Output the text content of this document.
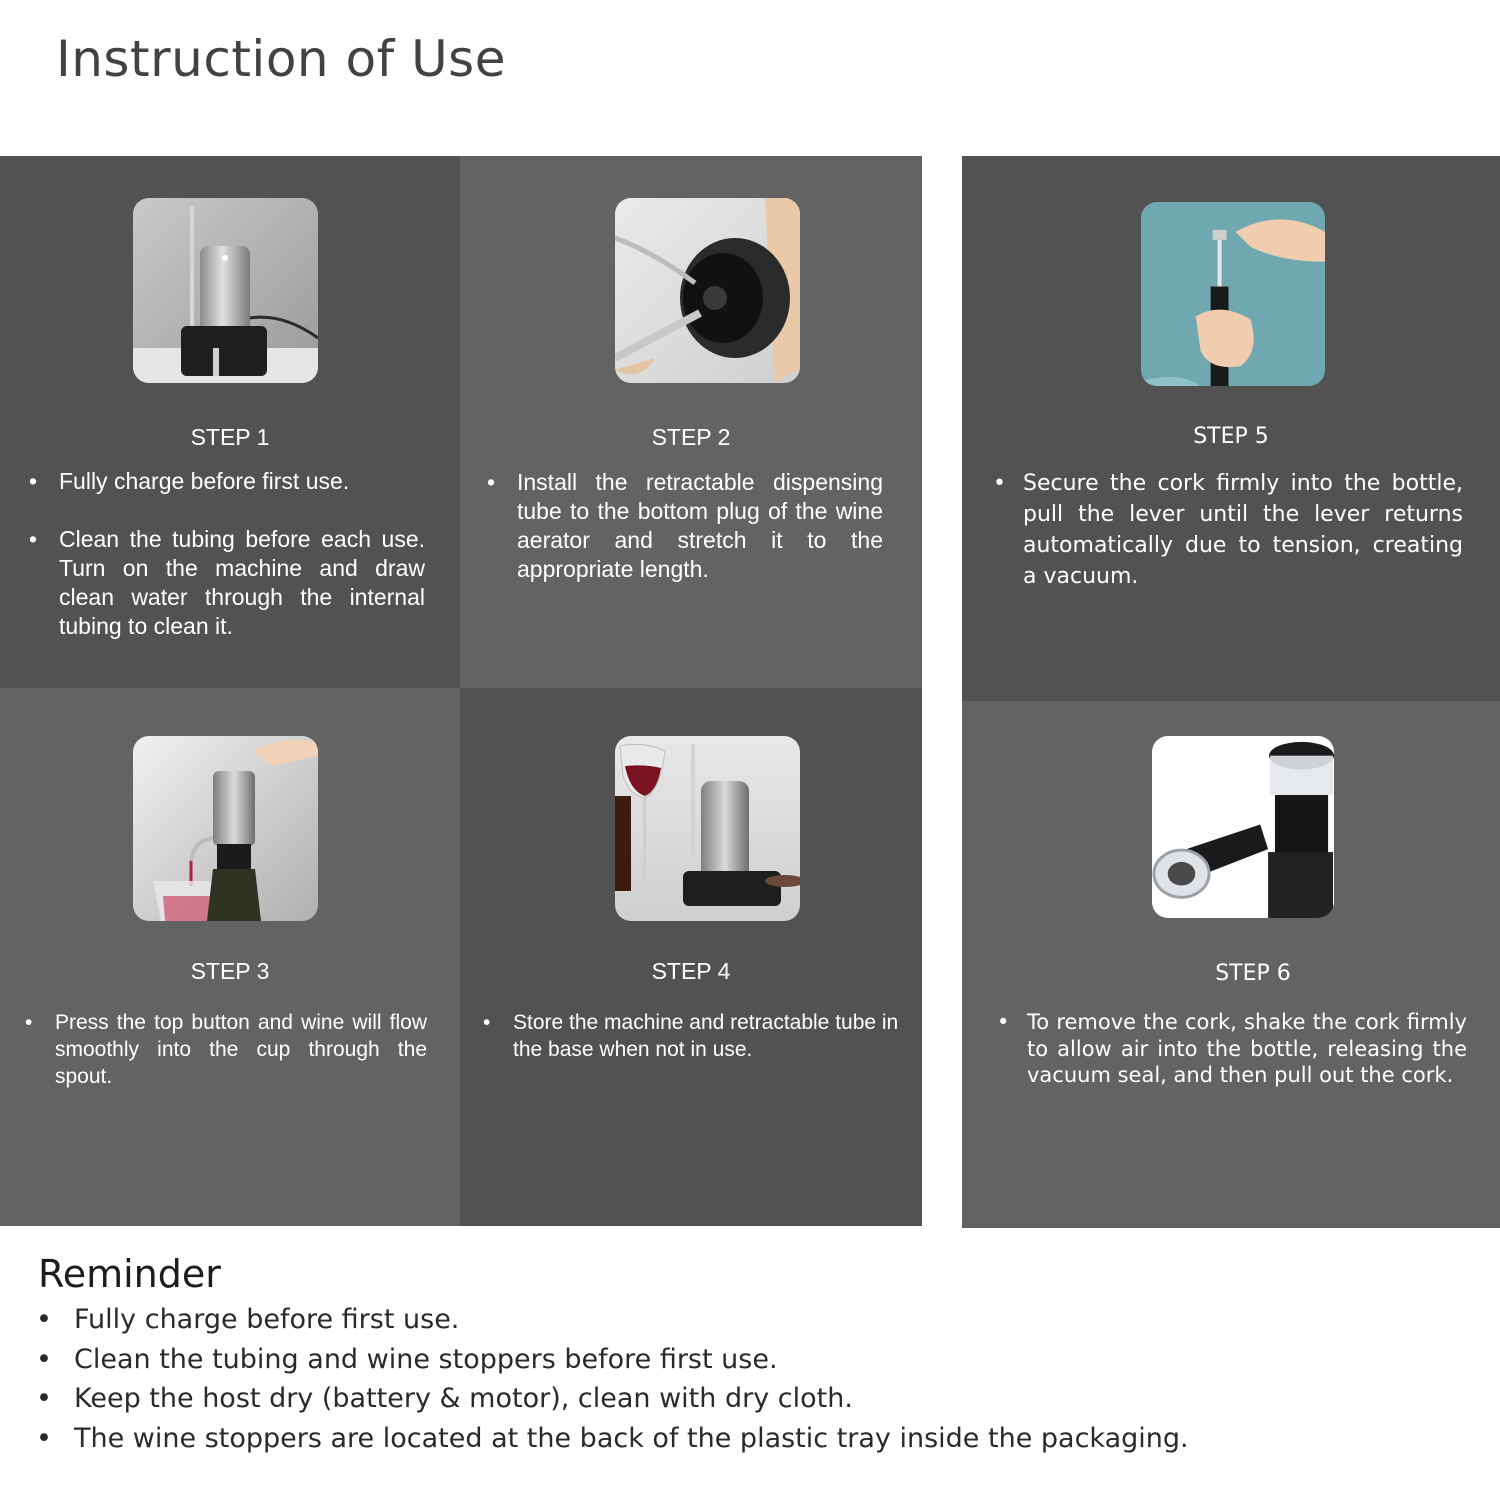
Instruction of Use
STEP 1
• Fully charge before first use.
• Clean the tubing before each use. Turn on the machine and draw clean water through the internal tubing to clean it.
STEP 2
• Install the retractable dispensing tube to the bottom plug of the wine aerator and stretch it to the appropriate length.
STEP 3
• Press the top button and wine will flow smoothly into the cup through the spout.
STEP 4
• Store the machine and retractable tube in the base when not in use.
STEP 5
• Secure the cork firmly into the bottle, pull the lever until the lever returns automatically due to tension, creating a vacuum.
STEP 6
• To remove the cork, shake the cork firmly to allow air into the bottle, releasing the vacuum seal, and then pull out the cork.
Reminder
• Fully charge before first use.
• Clean the tubing and wine stoppers before first use.
• Keep the host dry (battery & motor), clean with dry cloth.
• The wine stoppers are located at the back of the plastic tray inside the packaging.
